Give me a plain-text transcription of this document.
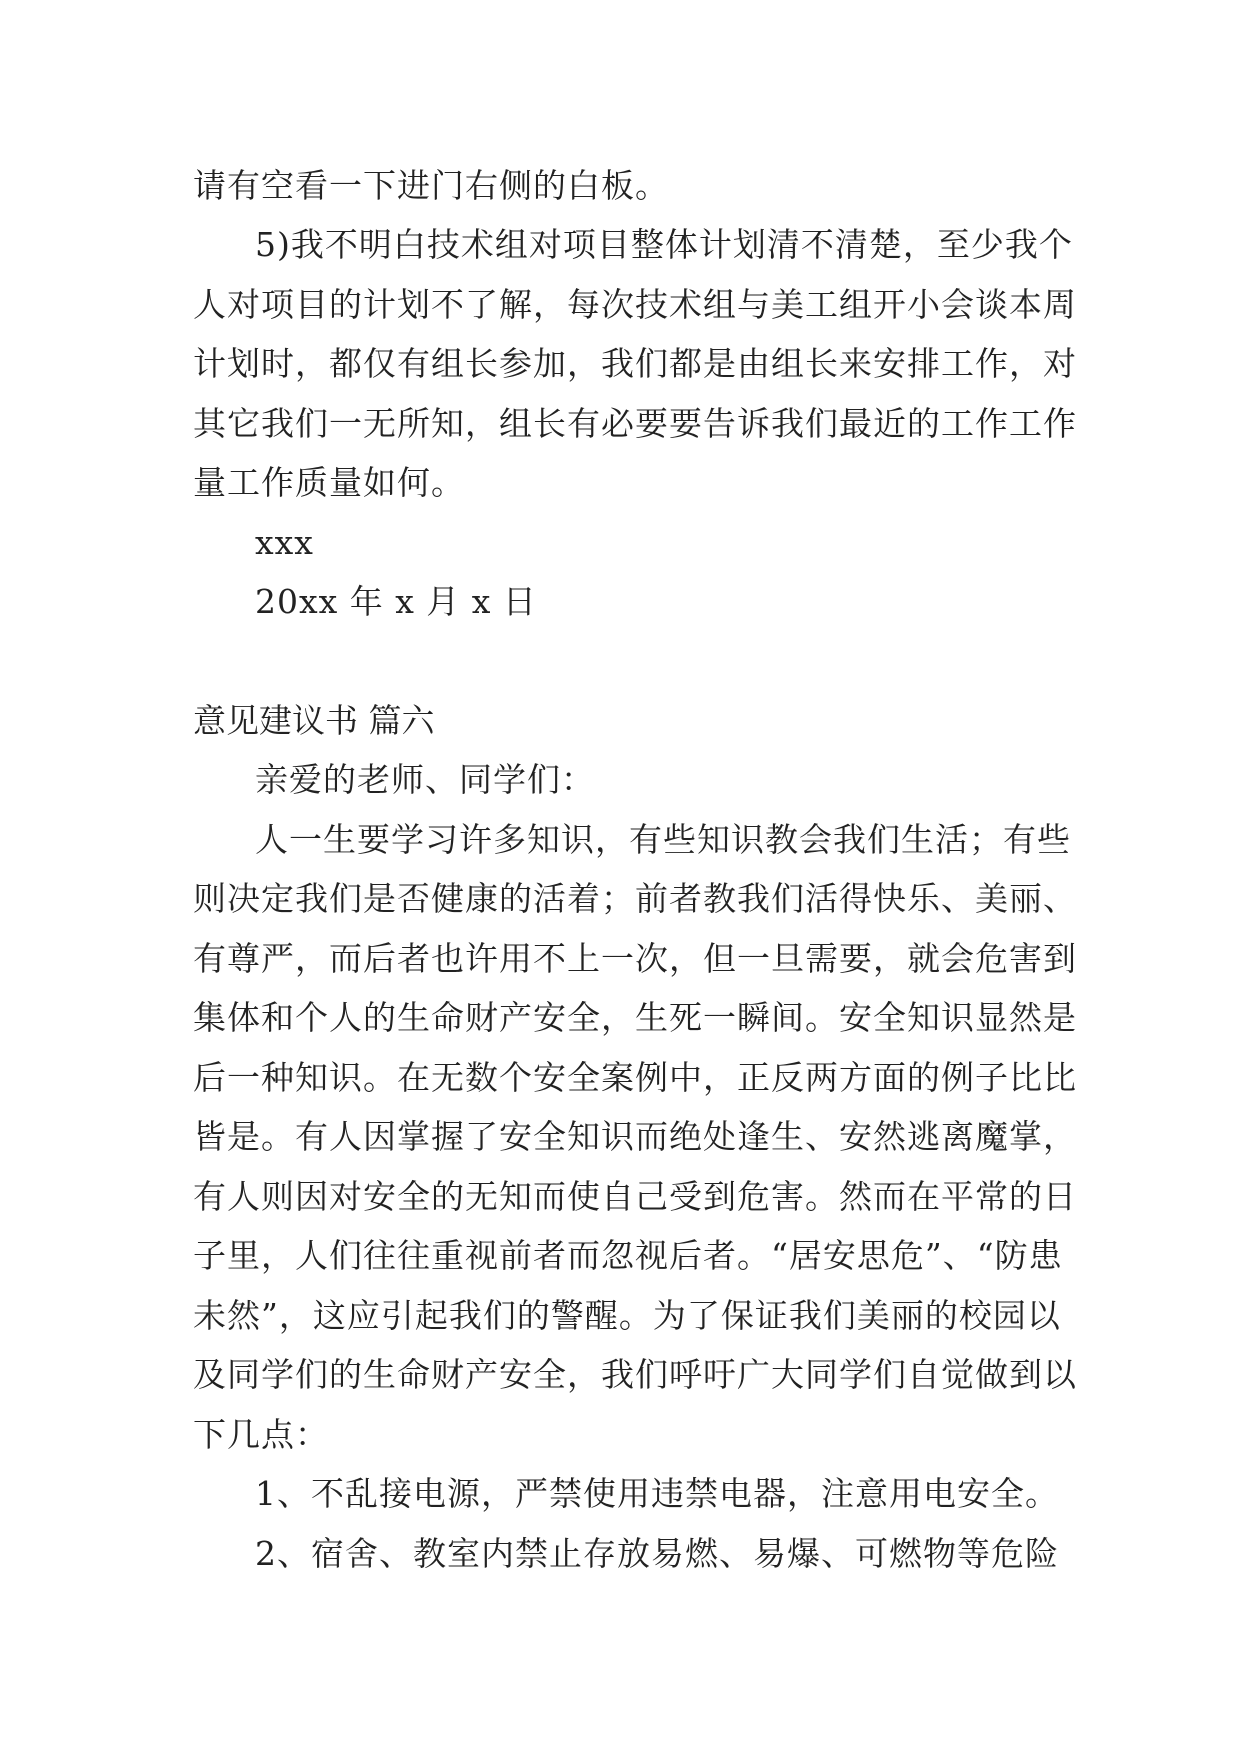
请有空看一下进门右侧的白板。
5)我不明白技术组对项目整体计划清不清楚，至少我个
人对项目的计划不了解，每次技术组与美工组开小会谈本周
计划时，都仅有组长参加，我们都是由组长来安排工作，对
其它我们一无所知，组长有必要要告诉我们最近的工作工作
量工作质量如何。
xxx
20xx 年 x 月 x 日
意见建议书 篇六
亲爱的老师、同学们：
人一生要学习许多知识，有些知识教会我们生活；有些
则决定我们是否健康的活着；前者教我们活得快乐、美丽、
有尊严，而后者也许用不上一次，但一旦需要，就会危害到
集体和个人的生命财产安全，生死一瞬间。安全知识显然是
后一种知识。在无数个安全案例中，正反两方面的例子比比
皆是。有人因掌握了安全知识而绝处逢生、安然逃离魔掌，
有人则因对安全的无知而使自己受到危害。然而在平常的日
子里，人们往往重视前者而忽视后者。“居安思危”、“防患
未然”，这应引起我们的警醒。为了保证我们美丽的校园以
及同学们的生命财产安全，我们呼吁广大同学们自觉做到以
下几点：
1、不乱接电源，严禁使用违禁电器，注意用电安全。
2、宿舍、教室内禁止存放易燃、易爆、可燃物等危险
